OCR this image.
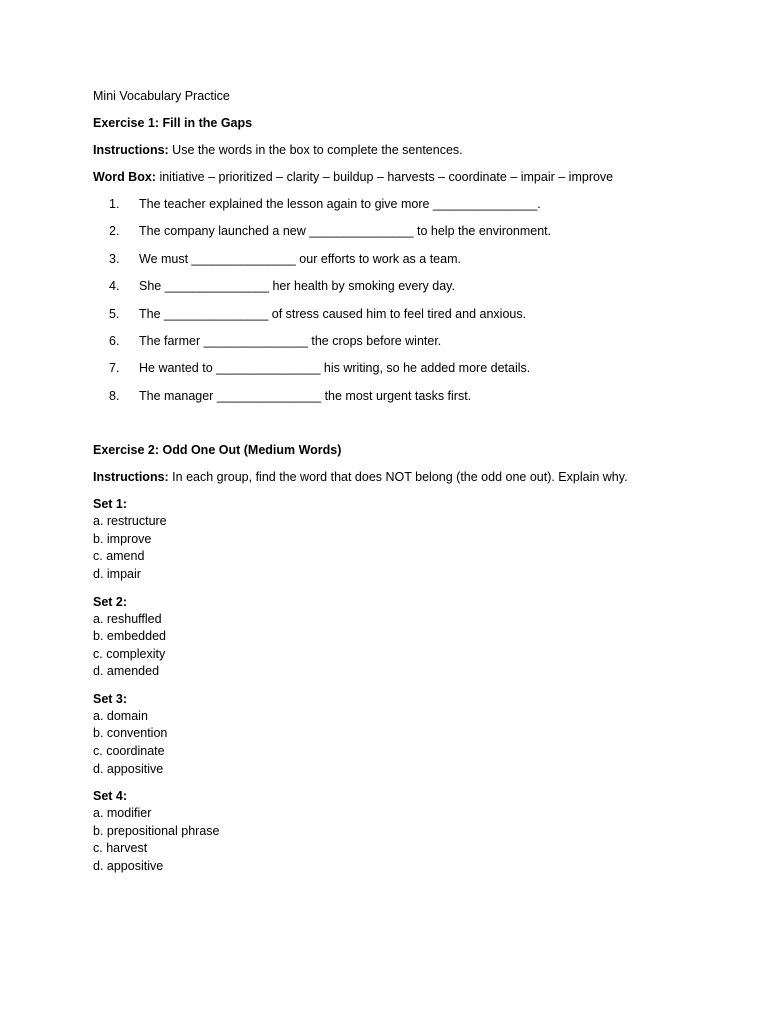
Mini Vocabulary Practice

Exercise 1: Fill in the Gaps

Instructions: Use the words in the box to complete the sentences.

Word Box: initiative – prioritized – clarity – buildup – harvests – coordinate – impair – improve

1.	The teacher explained the lesson again to give more _______________.
2.	The company launched a new _______________ to help the environment.
3.	We must _______________ our efforts to work as a team.
4.	She _______________ her health by smoking every day.
5.	The _______________ of stress caused him to feel tired and anxious.
6.	The farmer _______________ the crops before winter.
7.	He wanted to _______________ his writing, so he added more details.
8.	The manager _______________ the most urgent tasks first.

Exercise 2: Odd One Out (Medium Words)

Instructions: In each group, find the word that does NOT belong (the odd one out). Explain why.

Set 1:

a. restructure

b. improve

c. amend

d. impair

Set 2:

a. reshuffled

b. embedded

c. complexity

d. amended

Set 3:

a. domain

b. convention

c. coordinate

d. appositive

Set 4:

a. modifier

b. prepositional phrase

c. harvest

d. appositive
